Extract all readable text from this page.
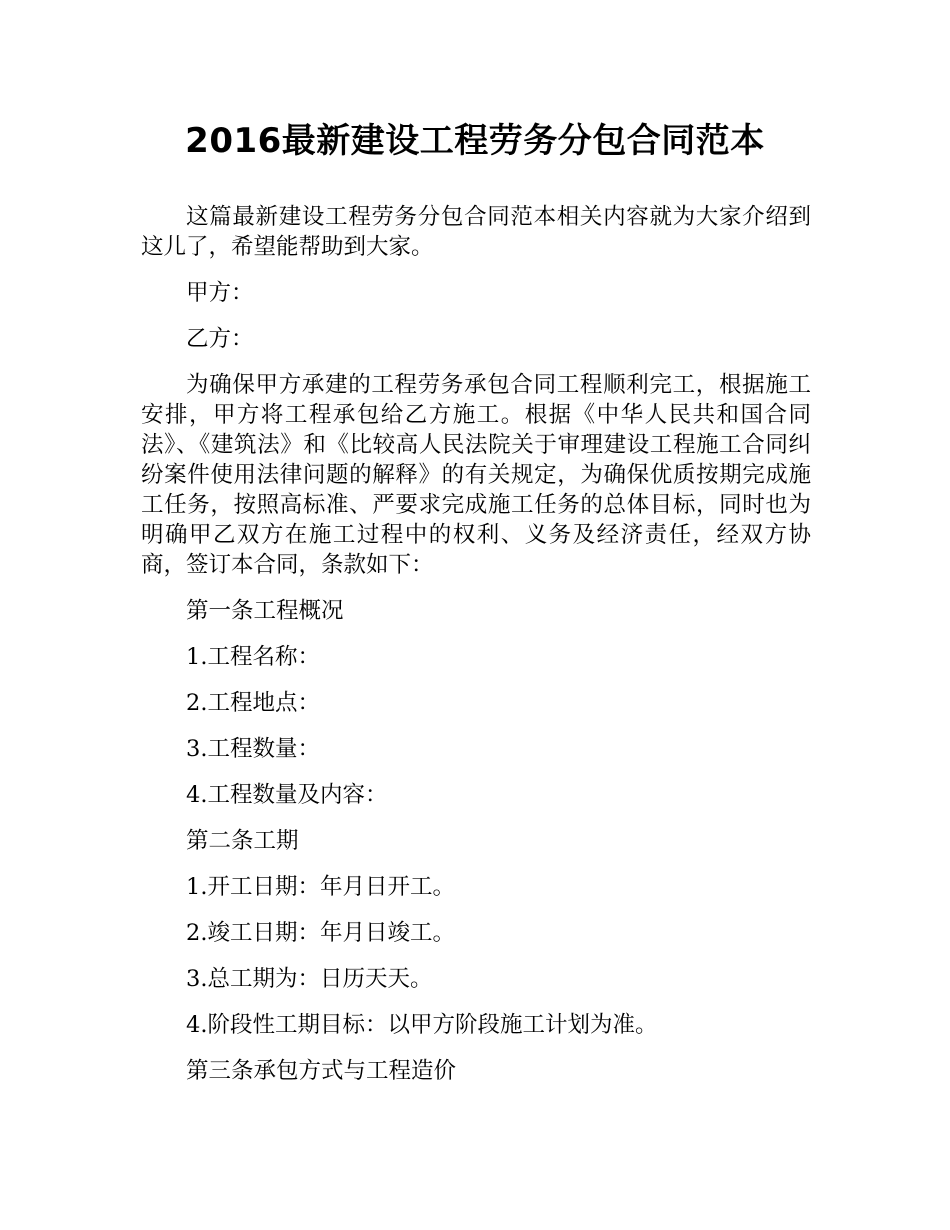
2016最新建设工程劳务分包合同范本

这篇最新建设工程劳务分包合同范本相关内容就为大家介绍到这儿了，希望能帮助到大家。

甲方：

乙方：

为确保甲方承建的工程劳务承包合同工程顺利完工，根据施工安排，甲方将工程承包给乙方施工。根据《中华人民共和国合同法》、《建筑法》和《比较高人民法院关于审理建设工程施工合同纠纷案件使用法律问题的解释》的有关规定，为确保优质按期完成施工任务，按照高标准、严要求完成施工任务的总体目标，同时也为明确甲乙双方在施工过程中的权利、义务及经济责任，经双方协商，签订本合同，条款如下：

第一条工程概况

1.工程名称：

2.工程地点：

3.工程数量：

4.工程数量及内容：

第二条工期

1.开工日期：年月日开工。

2.竣工日期：年月日竣工。

3.总工期为：日历天天。

4.阶段性工期目标：以甲方阶段施工计划为准。

第三条承包方式与工程造价
